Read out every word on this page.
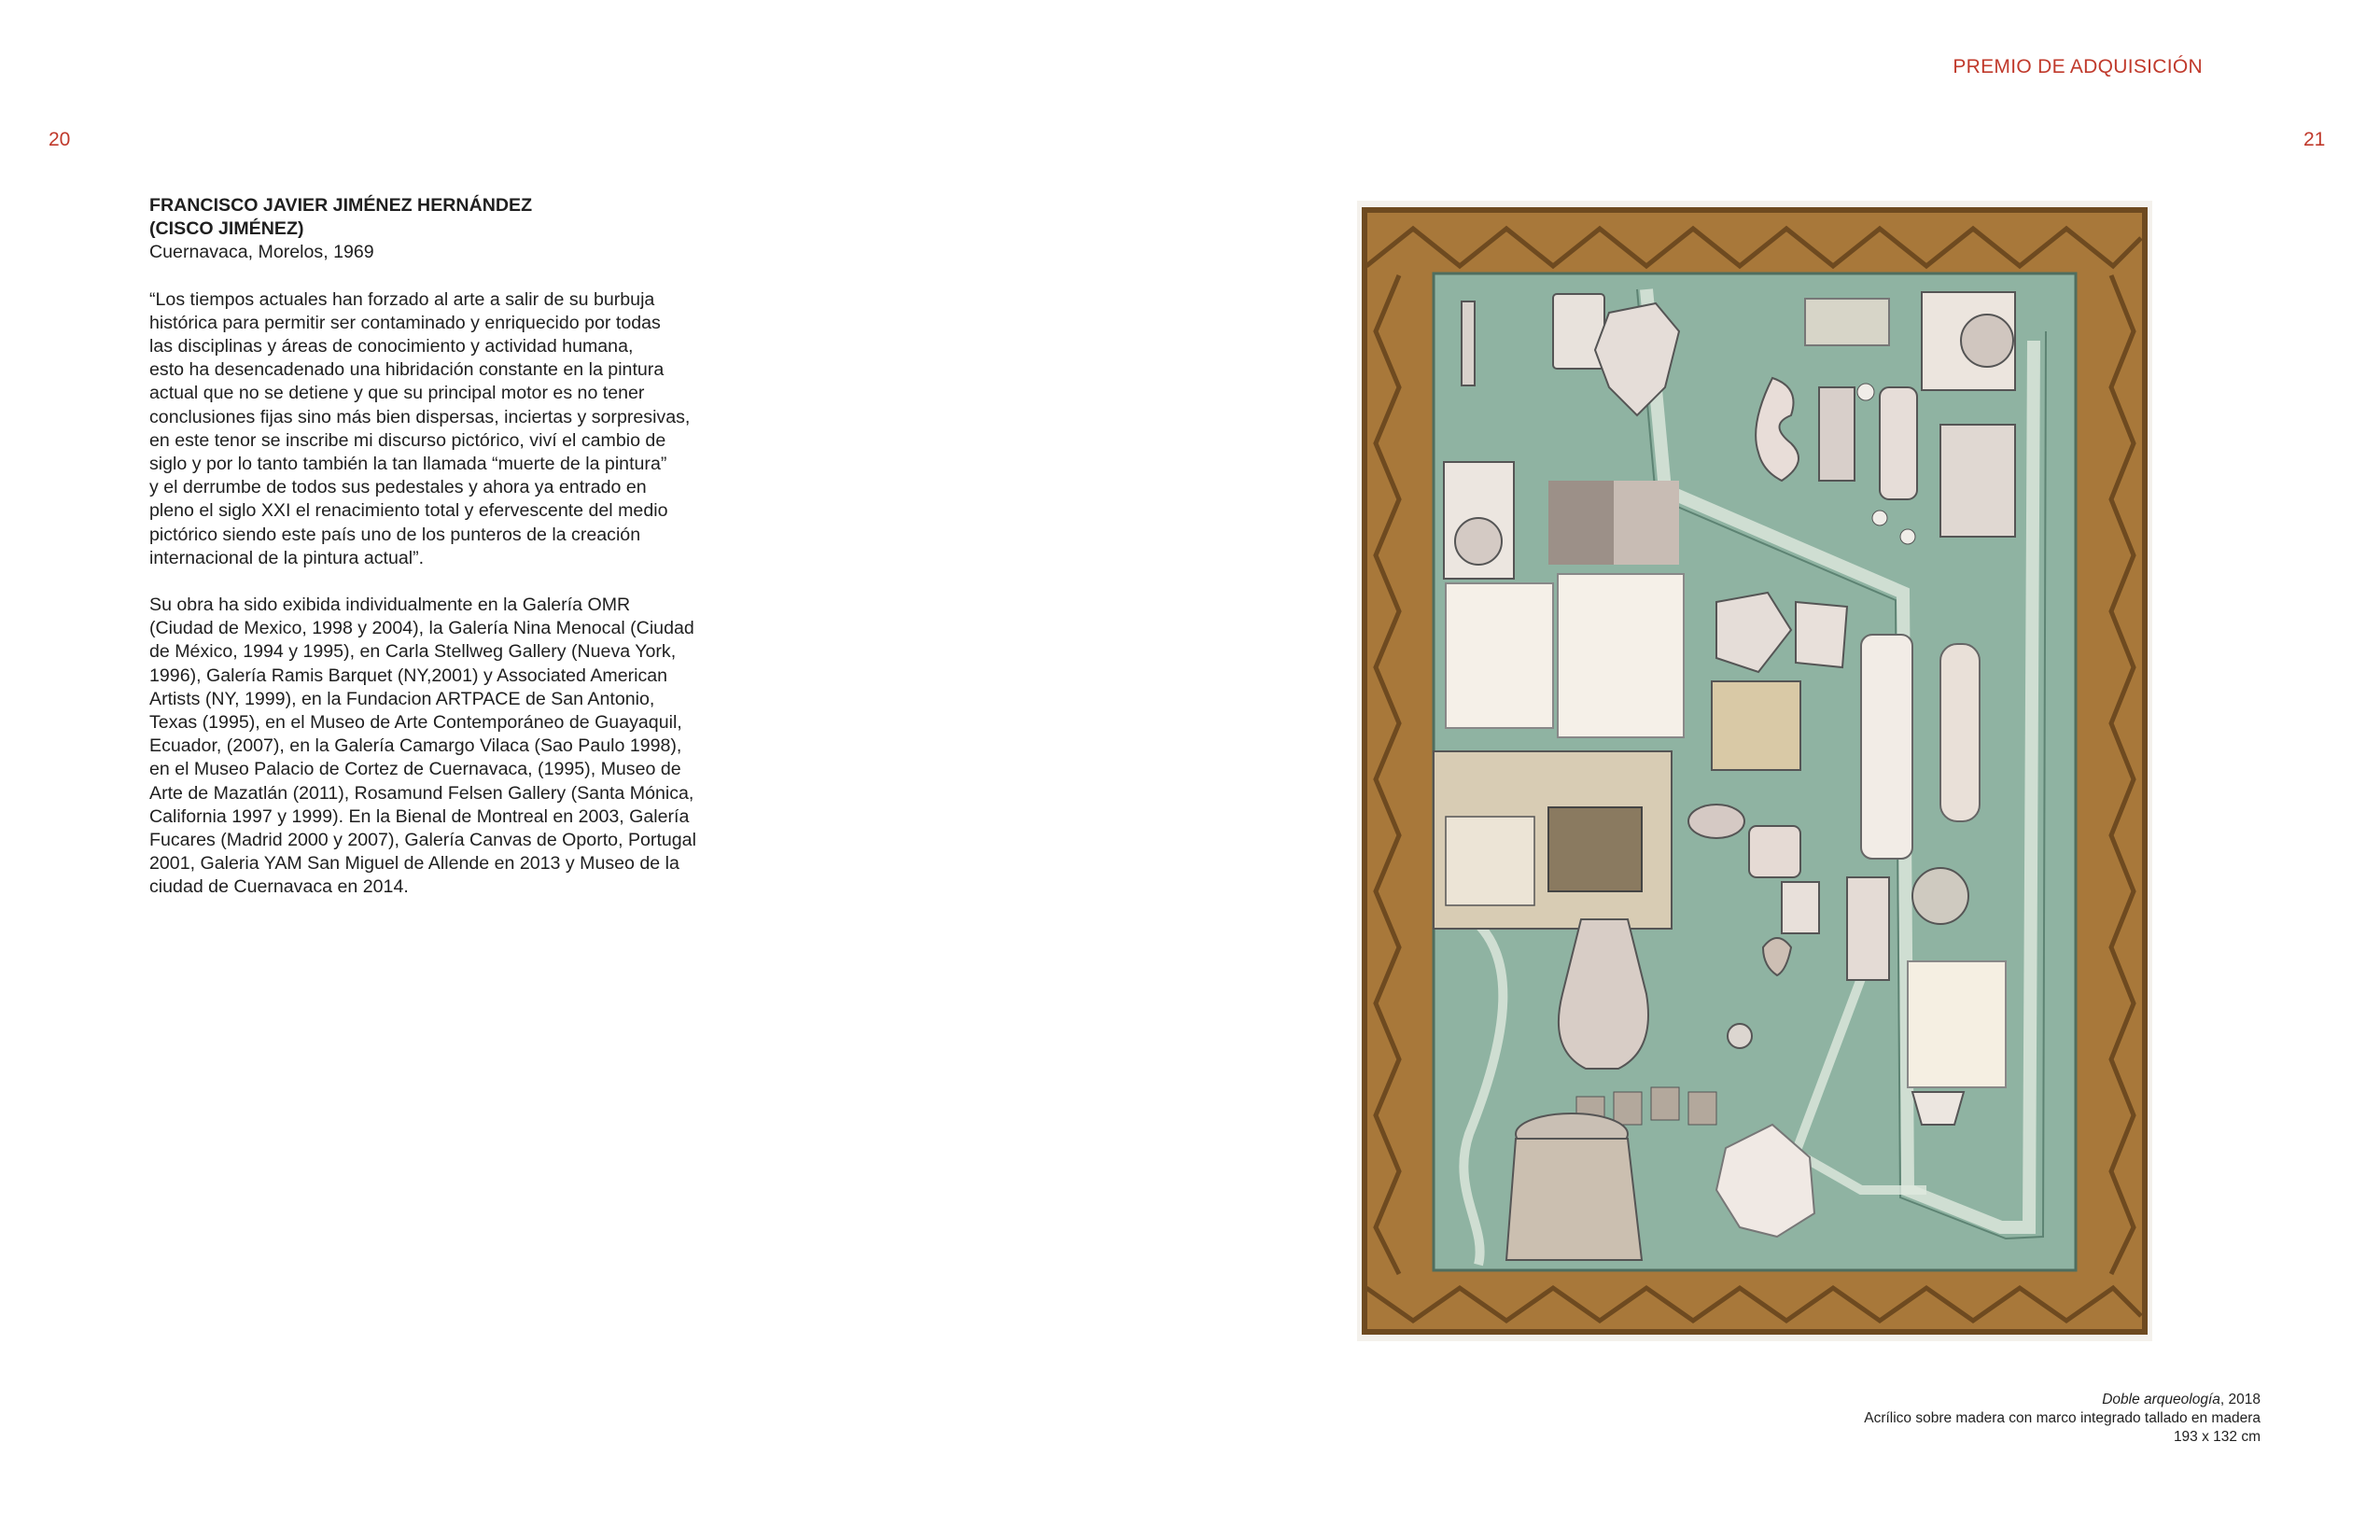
20
PREMIO DE ADQUISICIÓN
21
FRANCISCO JAVIER JIMÉNEZ HERNÁNDEZ
(CISCO JIMÉNEZ)
Cuernavaca, Morelos, 1969

“Los tiempos actuales han forzado al arte a salir de su burbuja

histórica para permitir ser contaminado y enriquecido por todas

las disciplinas y áreas de conocimiento y actividad humana,

esto ha desencadenado una hibridación constante en la pintura

actual que no se detiene y que su principal motor es no tener

conclusiones fijas sino más bien dispersas, inciertas y sorpresivas,

en este tenor se inscribe mi discurso pictórico, viví el cambio de

siglo y por lo tanto también la tan llamada “muerte de la pintura”

y el derrumbe de todos sus pedestales y ahora ya entrado en

pleno el siglo XXI el renacimiento total y efervescente del medio

pictórico siendo este país uno de los punteros de la creación

internacional de la pintura actual”.

Su obra ha sido exibida individualmente en la Galería OMR

(Ciudad de Mexico, 1998 y 2004), la Galería Nina Menocal (Ciudad

de México, 1994 y 1995), en Carla Stellweg Gallery (Nueva York,

1996), Galería Ramis Barquet (NY,2001) y Associated American

Artists (NY, 1999), en la Fundacion ARTPACE de San Antonio,

Texas (1995), en el Museo de Arte Contemporáneo de Guayaquil,

Ecuador, (2007), en la Galería Camargo Vilaca (Sao Paulo 1998),

en el Museo Palacio de Cortez de Cuernavaca, (1995), Museo de

Arte de Mazatlán (2011), Rosamund Felsen Gallery (Santa Mónica,

California 1997 y 1999). En la Bienal de Montreal en 2003, Galería

Fucares (Madrid 2000 y 2007), Galería Canvas de Oporto, Portugal

2001, Galeria YAM San Miguel de Allende en 2013 y Museo de la

ciudad de Cuernavaca en 2014.

Doble arqueología, 2018
Acrílico sobre madera con marco integrado tallado en madera
193 x 132 cm
